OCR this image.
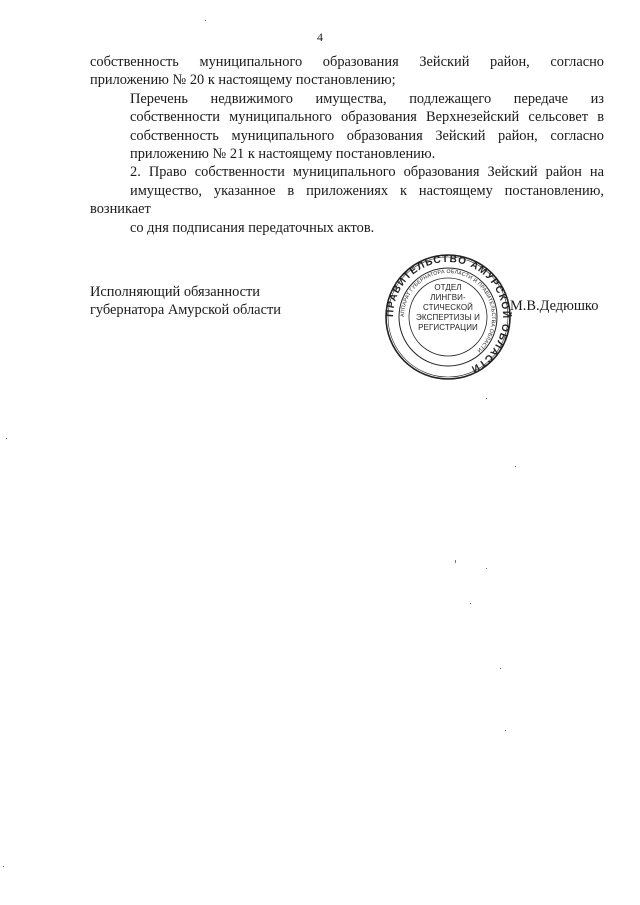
4

собственность муниципального образования Зейский район, согласно
приложению № 20 к настоящему постановлению;

Перечень недвижимого имущества, подлежащего передаче из
собственности муниципального образования Верхнезейский сельсовет в
собственность муниципального образования Зейский район, согласно
приложению № 21 к настоящему постановлению.

2. Право собственности муниципального образования Зейский район на
имущество, указанное в приложениях к настоящему постановлению, возникает
со дня подписания передаточных актов.

Исполняющий обязанности
губернатора Амурской области	ПРАВИТЕЛЬСТВО АМУРСКОЙ ОБЛАСТИ
АППАРАТ ГУБЕРНАТОРА ОБЛАСТИ И ПРАВИТЕЛЬСТВА ОБЛАСТИ
ОТДЕЛ
ЛИНГВИ-
СТИЧЕСКОЙ
ЭКСПЕРТИЗЫ И
РЕГИСТРАЦИИ
М.В.Дедюшко
